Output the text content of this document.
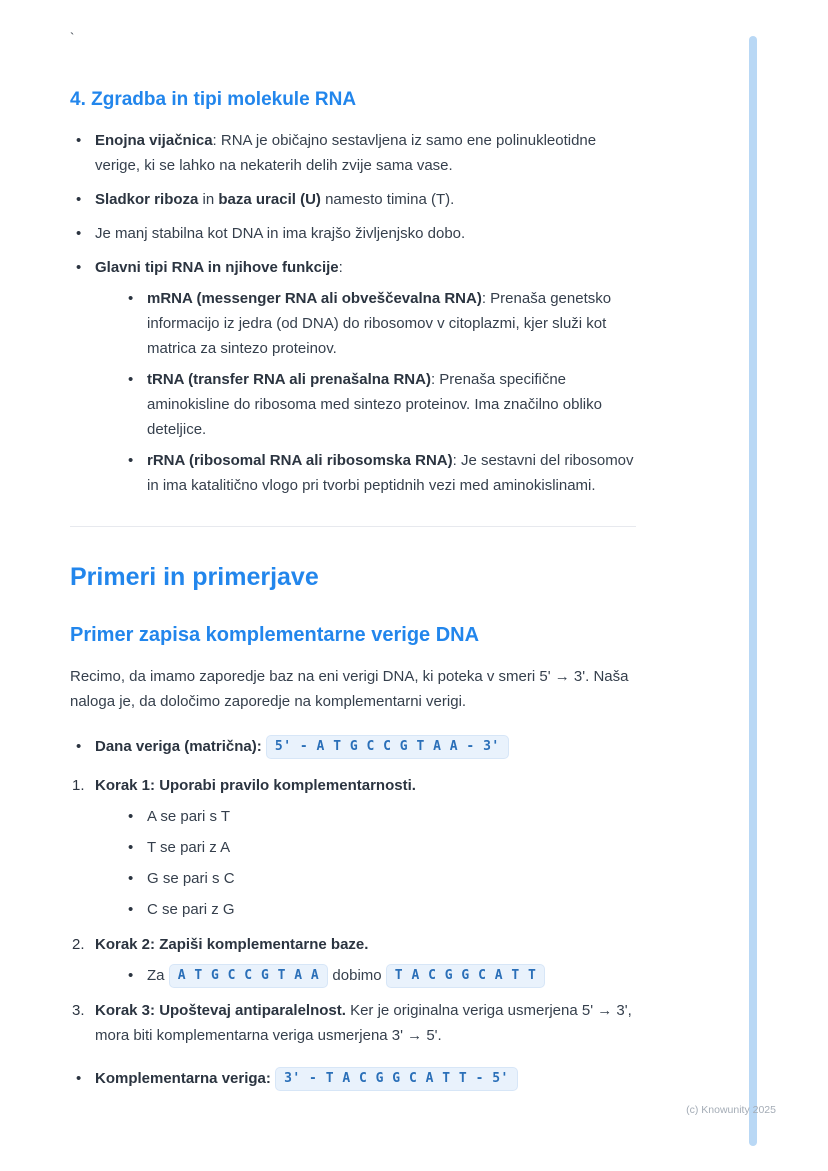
`
4. Zgradba in tipi molekule RNA
• Enojna vijačnica: RNA je običajno sestavljena iz samo ene polinukleotidne verige, ki se lahko na nekaterih delih zvije sama vase.
• Sladkor riboza in baza uracil (U) namesto timina (T).
• Je manj stabilna kot DNA in ima krajšo življenjsko dobo.
• Glavni tipi RNA in njihove funkcije:
• mRNA (messenger RNA ali obveščevalna RNA): Prenaša genetsko informacijo iz jedra (od DNA) do ribosomov v citoplazmi, kjer služi kot matrica za sintezo proteinov.
• tRNA (transfer RNA ali prenašalna RNA): Prenaša specifične aminokisline do ribosoma med sintezo proteinov. Ima značilno obliko deteljice.
• rRNA (ribosomal RNA ali ribosomska RNA): Je sestavni del ribosomov in ima katalitično vlogo pri tvorbi peptidnih vezi med aminokislinami.
Primeri in primerjave
Primer zapisa komplementarne verige DNA

Recimo, da imamo zaporedje baz na eni verigi DNA, ki poteka v smeri 5' → 3'. Naša naloga je, da določimo zaporedje na komplementarni verigi.

• Dana veriga (matrična): 5' - A T G C C G T A A - 3'
Korak 1: Uporabi pravilo komplementarnosti.
• A se pari s T
• T se pari z A
• G se pari s C
• C se pari z G
Korak 2: Zapiši komplementarne baze.
• Za A T G C C G T A A dobimo T A C G G C A T T
Korak 3: Upoštevaj antiparalelnost. Ker je originalna veriga usmerjena 5' → 3', mora biti komplementarna veriga usmerjena 3' → 5'.
• Komplementarna veriga: 3' - T A C G G C A T T - 5'
(c) Knowunity 2025
